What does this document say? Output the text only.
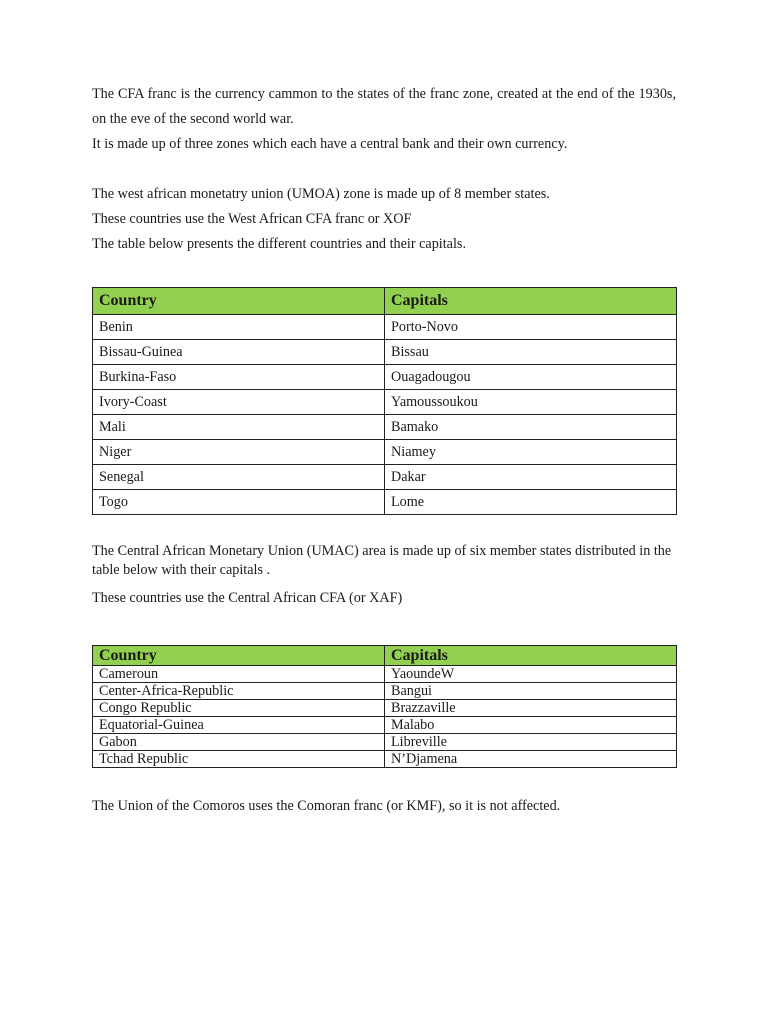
The CFA franc is the currency cammon to the states of the franc zone, created at the end of the 1930s, on the eve of the second world war.

It is made up of three zones which each have a central bank and their own currency.

The west african monetatry union (UMOA) zone is made up of 8 member states.

These countries use the West African CFA franc or XOF

The table below presents the different countries and their capitals.

Country	Capitals
Benin	Porto-Novo
Bissau-Guinea	Bissau
Burkina-Faso	Ouagadougou
Ivory-Coast	Yamoussoukou
Mali	Bamako
Niger	Niamey
Senegal	Dakar
Togo	Lome

The Central African Monetary Union (UMAC) area is made up of six member states distributed in the table below with their capitals .

These countries use the Central African CFA (or XAF)

Country	Capitals
Cameroun	YaoundeW
Center-Africa-Republic	Bangui
Congo Republic	Brazzaville
Equatorial-Guinea	Malabo
Gabon	Libreville
Tchad Republic	N’Djamena

The Union of the Comoros uses the Comoran franc (or KMF), so it is not affected.
